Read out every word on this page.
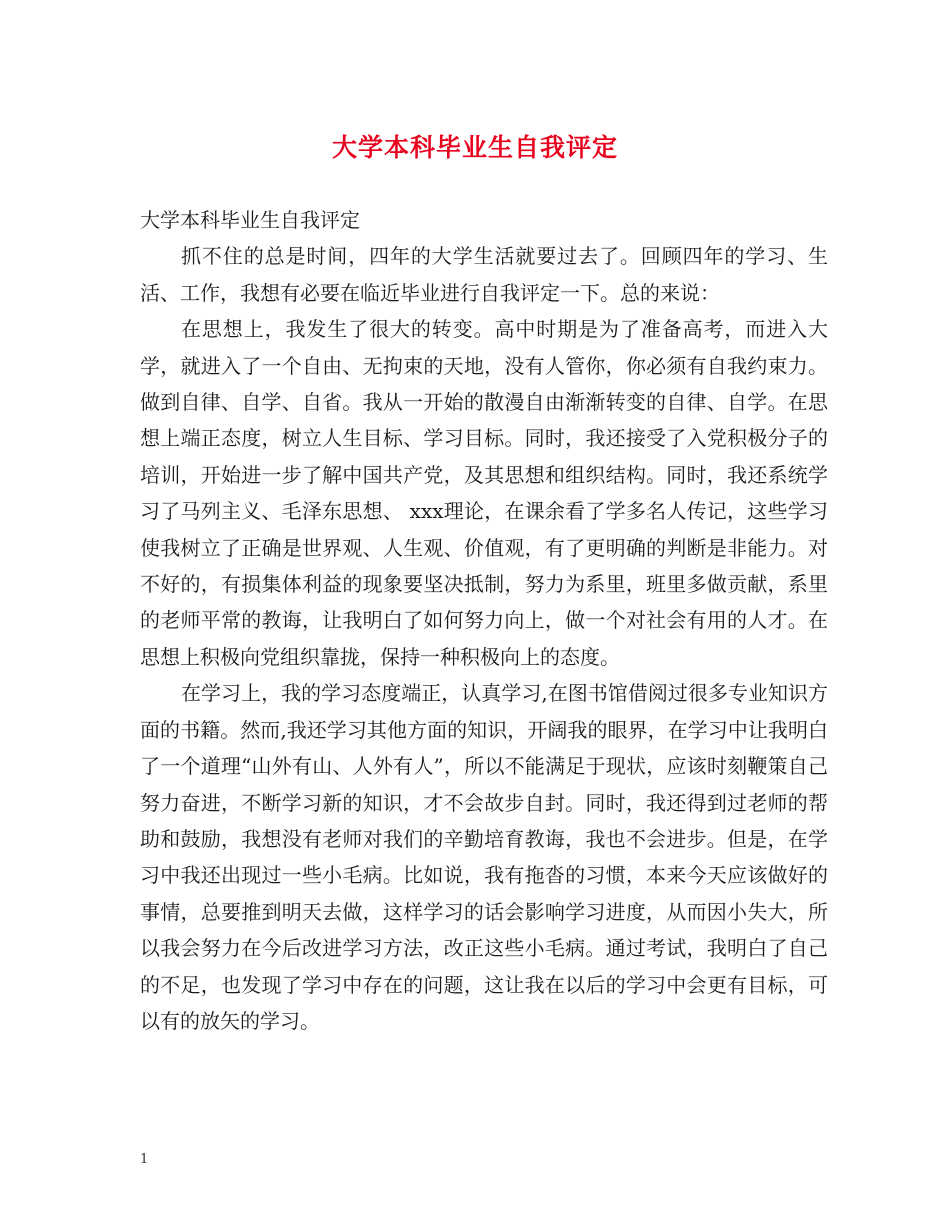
大学本科毕业生自我评定

大学本科毕业生自我评定

抓不住的总是时间，四年的大学生活就要过去了。回顾四年的学习、生活、工作，我想有必要在临近毕业进行自我评定一下。总的来说：

在思想上，我发生了很大的转变。高中时期是为了准备高考，而进入大学，就进入了一个自由、无拘束的天地，没有人管你，你必须有自我约束力。做到自律、自学、自省。我从一开始的散漫自由渐渐转变的自律、自学。在思想上端正态度，树立人生目标、学习目标。同时，我还接受了入党积极分子的培训，开始进一步了解中国共产党，及其思想和组织结构。同时，我还系统学习了马列主义、毛泽东思想、 xxx理论，在课余看了学多名人传记，这些学习使我树立了正确是世界观、人生观、价值观，有了更明确的判断是非能力。对不好的，有损集体利益的现象要坚决抵制，努力为系里，班里多做贡献，系里的老师平常的教诲，让我明白了如何努力向上，做一个对社会有用的人才。在思想上积极向党组织靠拢，保持一种积极向上的态度。

在学习上，我的学习态度端正，认真学习,在图书馆借阅过很多专业知识方面的书籍。然而,我还学习其他方面的知识，开阔我的眼界，在学习中让我明白了一个道理“山外有山、人外有人”，所以不能满足于现状，应该时刻鞭策自己努力奋进，不断学习新的知识，才不会故步自封。同时，我还得到过老师的帮助和鼓励，我想没有老师对我们的辛勤培育教诲，我也不会进步。但是，在学习中我还出现过一些小毛病。比如说，我有拖沓的习惯，本来今天应该做好的事情，总要推到明天去做，这样学习的话会影响学习进度，从而因小失大，所以我会努力在今后改进学习方法，改正这些小毛病。通过考试，我明白了自己的不足，也发现了学习中存在的问题，这让我在以后的学习中会更有目标，可以有的放矢的学习。

1
